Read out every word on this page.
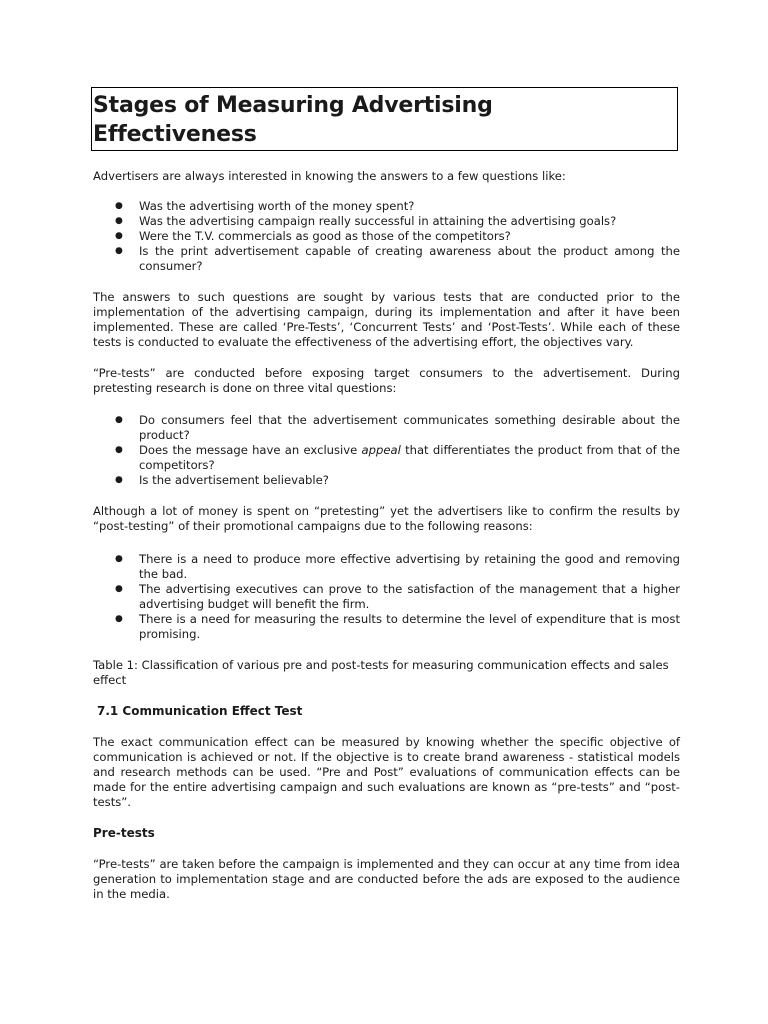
Stages of Measuring Advertising
Effectiveness

Advertisers are always interested in knowing the answers to a few questions like:

● Was the advertising worth of the money spent?
● Was the advertising campaign really successful in attaining the advertising goals?
● Were the T.V. commercials as good as those of the competitors?
● Is the print advertisement capable of creating awareness about the product among the consumer?

The answers to such questions are sought by various tests that are conducted prior to the implementation of the advertising campaign, during its implementation and after it have been implemented. These are called ‘Pre-Tests’, ‘Concurrent Tests’ and ‘Post-Tests’. While each of these tests is conducted to evaluate the effectiveness of the advertising effort, the objectives vary.

“Pre-tests” are conducted before exposing target consumers to the advertisement. During pretesting research is done on three vital questions:

● Do consumers feel that the advertisement communicates something desirable about the product?
● Does the message have an exclusive appeal that differentiates the product from that of the competitors?
● Is the advertisement believable?

Although a lot of money is spent on “pretesting” yet the advertisers like to confirm the results by “post-testing” of their promotional campaigns due to the following reasons:

● There is a need to produce more effective advertising by retaining the good and removing the bad.
● The advertising executives can prove to the satisfaction of the management that a higher advertising budget will benefit the firm.
● There is a need for measuring the results to determine the level of expenditure that is most promising.

Table 1: Classification of various pre and post-tests for measuring communication effects and sales effect

7.1 Communication Effect Test

The exact communication effect can be measured by knowing whether the specific objective of communication is achieved or not. If the objective is to create brand awareness - statistical models and research methods can be used. “Pre and Post” evaluations of communication effects can be made for the entire advertising campaign and such evaluations are known as “pre-tests” and “post-tests”.

Pre-tests

“Pre-tests” are taken before the campaign is implemented and they can occur at any time from idea generation to implementation stage and are conducted before the ads are exposed to the audience in the media.
